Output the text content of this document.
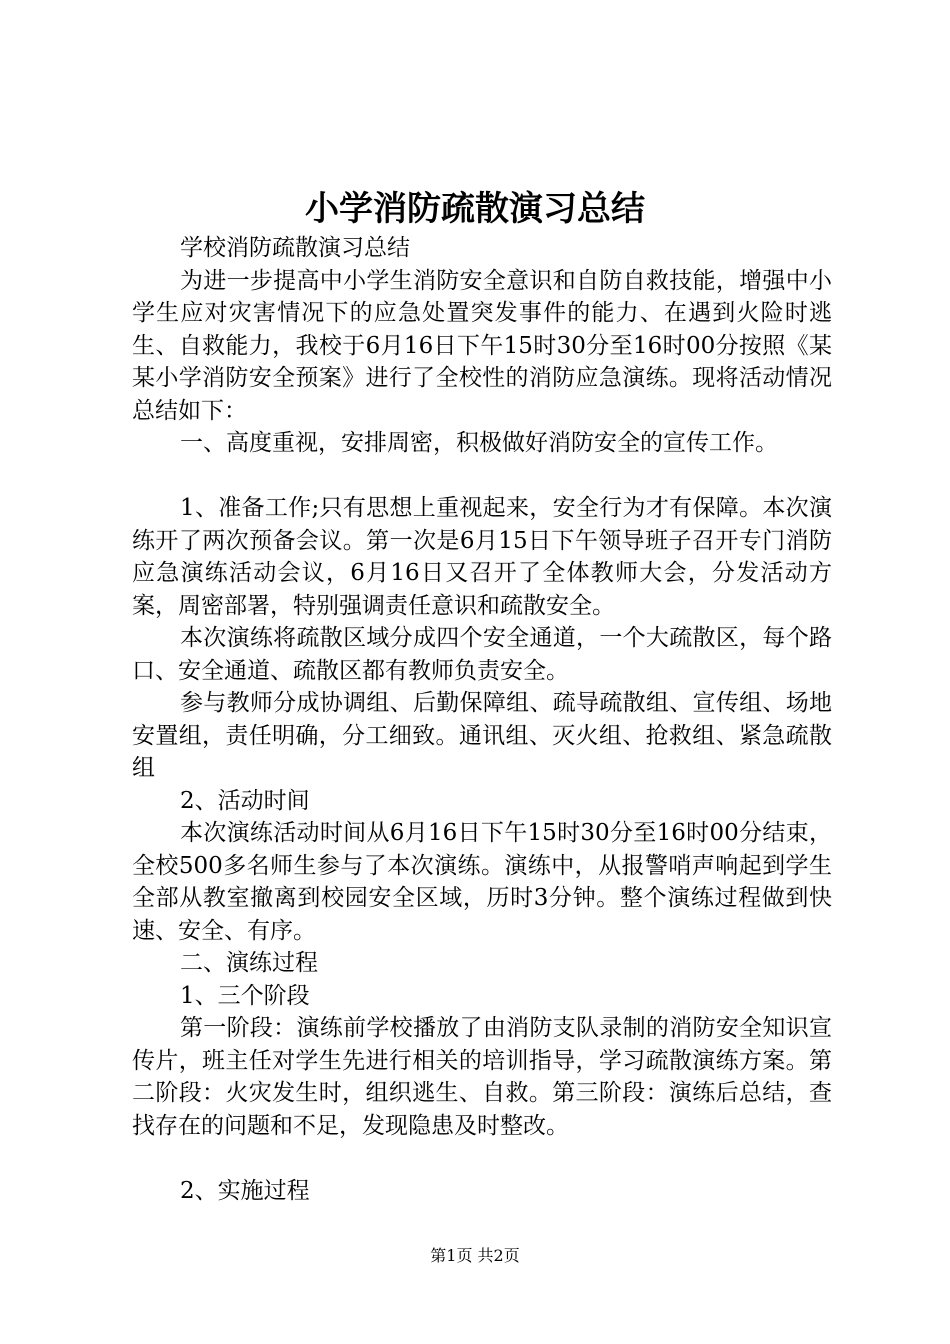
小学消防疏散演习总结

学校消防疏散演习总结

为进一步提高中小学生消防安全意识和自防自救技能，增强中小学生应对灾害情况下的应急处置突发事件的能力、在遇到火险时逃生、自救能力，我校于6月16日下午15时30分至16时00分按照《某某小学消防安全预案》进行了全校性的消防应急演练。现将活动情况总结如下：

一、高度重视，安排周密，积极做好消防安全的宣传工作。

1、准备工作;只有思想上重视起来，安全行为才有保障。本次演练开了两次预备会议。第一次是6月15日下午领导班子召开专门消防应急演练活动会议，6月16日又召开了全体教师大会，分发活动方案，周密部署，特别强调责任意识和疏散安全。

本次演练将疏散区域分成四个安全通道，一个大疏散区，每个路口、安全通道、疏散区都有教师负责安全。

参与教师分成协调组、后勤保障组、疏导疏散组、宣传组、场地安置组，责任明确，分工细致。通讯组、灭火组、抢救组、紧急疏散组

2、活动时间

本次演练活动时间从6月16日下午15时30分至16时00分结束，全校500多名师生参与了本次演练。演练中，从报警哨声响起到学生全部从教室撤离到校园安全区域，历时3分钟。整个演练过程做到快速、安全、有序。

二、演练过程

1、三个阶段

第一阶段：演练前学校播放了由消防支队录制的消防安全知识宣传片，班主任对学生先进行相关的培训指导，学习疏散演练方案。第二阶段：火灾发生时，组织逃生、自救。第三阶段：演练后总结，查找存在的问题和不足，发现隐患及时整改。

2、实施过程

第1页 共2页
